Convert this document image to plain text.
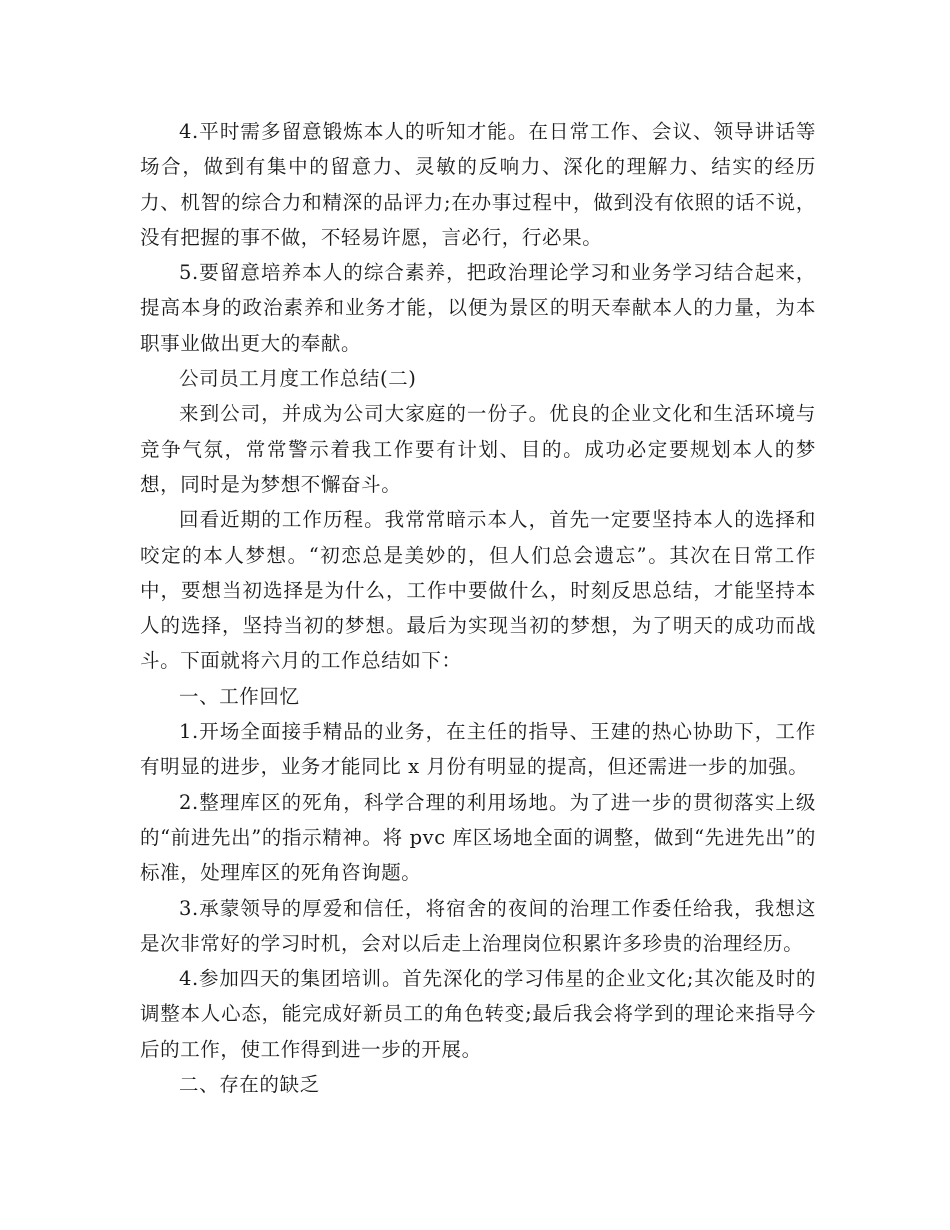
4.平时需多留意锻炼本人的听知才能。在日常工作、会议、领导讲话等场合，做到有集中的留意力、灵敏的反响力、深化的理解力、结实的经历力、机智的综合力和精深的品评力;在办事过程中，做到没有依照的话不说，没有把握的事不做，不轻易许愿，言必行，行必果。

5.要留意培养本人的综合素养，把政治理论学习和业务学习结合起来，提高本身的政治素养和业务才能，以便为景区的明天奉献本人的力量，为本职事业做出更大的奉献。

公司员工月度工作总结(二)

来到公司，并成为公司大家庭的一份子。优良的企业文化和生活环境与竞争气氛，常常警示着我工作要有计划、目的。成功必定要规划本人的梦想，同时是为梦想不懈奋斗。

回看近期的工作历程。我常常暗示本人，首先一定要坚持本人的选择和咬定的本人梦想。“初恋总是美妙的，但人们总会遗忘”。其次在日常工作中，要想当初选择是为什么，工作中要做什么，时刻反思总结，才能坚持本人的选择，坚持当初的梦想。最后为实现当初的梦想，为了明天的成功而战斗。下面就将六月的工作总结如下：

一、工作回忆

1.开场全面接手精品的业务，在主任的指导、王建的热心协助下，工作有明显的进步，业务才能同比 x 月份有明显的提高，但还需进一步的加强。

2.整理库区的死角，科学合理的利用场地。为了进一步的贯彻落实上级的“前进先出”的指示精神。将 pvc 库区场地全面的调整，做到“先进先出”的标准，处理库区的死角咨询题。

3.承蒙领导的厚爱和信任，将宿舍的夜间的治理工作委任给我，我想这是次非常好的学习时机，会对以后走上治理岗位积累许多珍贵的治理经历。

4.参加四天的集团培训。首先深化的学习伟星的企业文化;其次能及时的调整本人心态，能完成好新员工的角色转变;最后我会将学到的理论来指导今后的工作，使工作得到进一步的开展。

二、存在的缺乏
